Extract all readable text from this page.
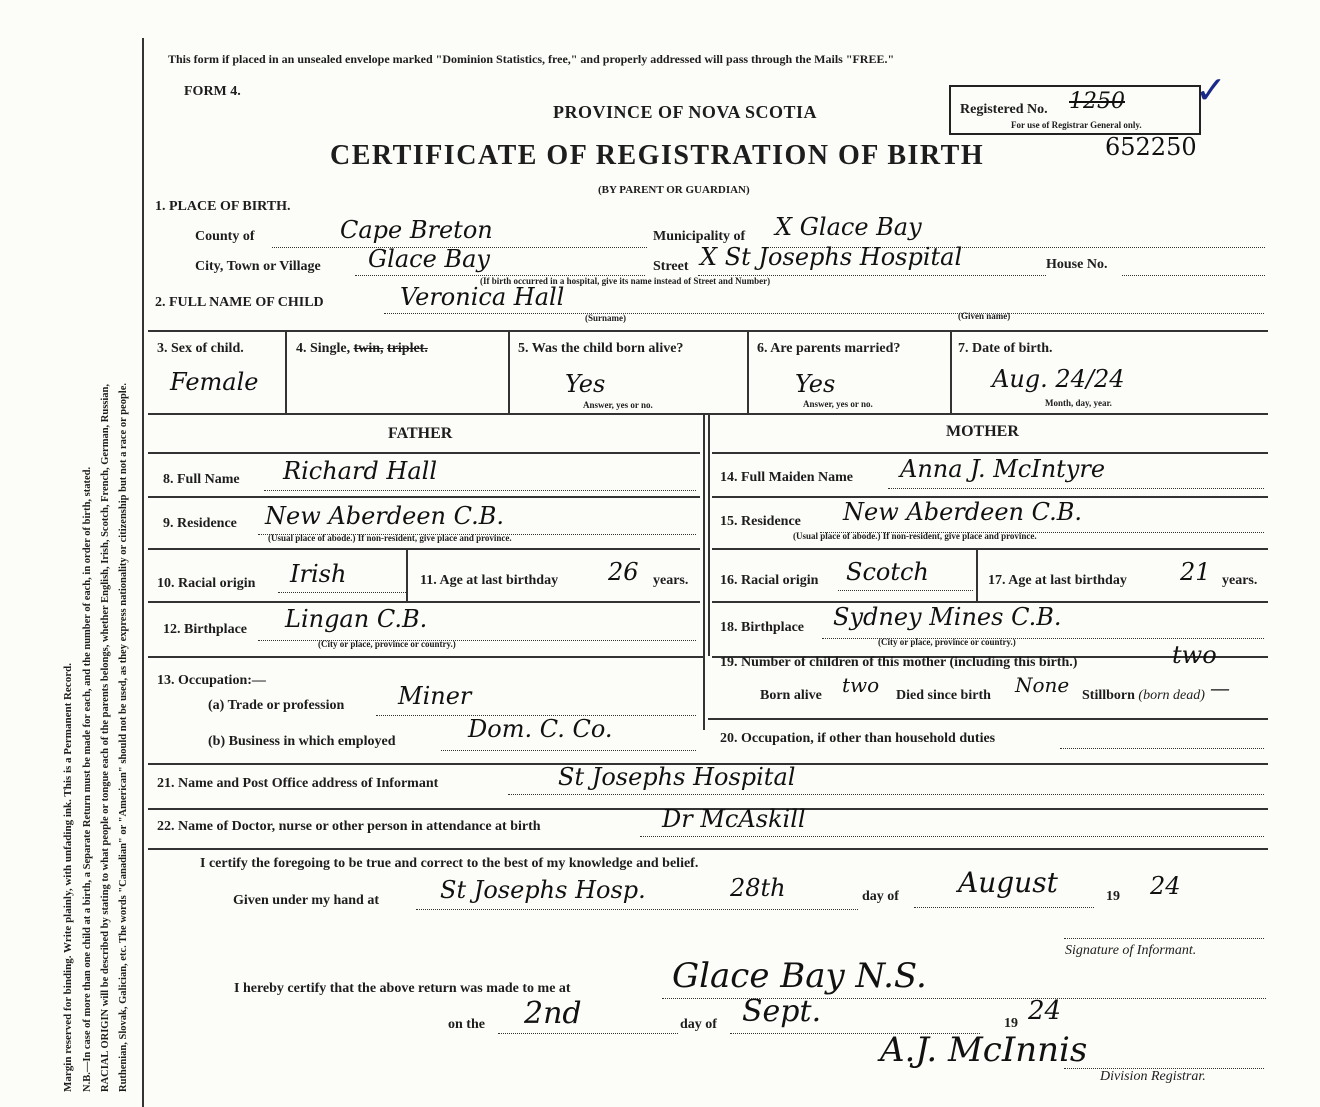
Margin reserved for binding. Write plainly, with unfading ink. This is a Permanent Record. N.B.—In case of more than one child at a birth, a Separate Return must be made for each, and the number of each, in order of birth, stated. RACIAL ORIGIN will be described by stating to what people or tongue each of the parents belongs, whether English, Irish, Scotch, French, German, Russian, Ruthenian, Slovak, Galician, etc. The words "Canadian" or "American" should not be used, as they express nationality or citizenship but not a race or people.
This form if placed in an unsealed envelope marked "Dominion Statistics, free," and properly addressed will pass through the Mails "FREE."
FORM 4.
PROVINCE OF NOVA SCOTIA
CERTIFICATE OF REGISTRATION OF BIRTH
(BY PARENT OR GUARDIAN)
Registered No. 1250
For use of Registrar General only.
✓
652250
1. PLACE OF BIRTH.
County of	Cape Breton	Municipality of X Glace Bay
City, Town or Village Glace Bay	Street X St Josephs Hospital	House No.
(If birth occurred in a hospital, give its name instead of Street and Number)
2. FULL NAME OF CHILD	Veronica Hall
(Surname)	(Given name)
3. Sex of child.
Female
4. Single, twin, triplet.	5. Was the child born alive?
Yes
Answer, yes or no.
6. Are parents married?
Yes
Answer, yes or no.
7. Date of birth.
Aug. 24/24
Month, day, year.
FATHER	MOTHER
8. Full Name Richard Hall
9. Residence New Aberdeen C.B.
(Usual place of abode.) If non-resident, give place and province.
10. Racial origin Irish	11. Age at last birthday 26 years.
12. Birthplace Lingan C.B.
(City or place, province or country.)
13. Occupation:—
(a) Trade or profession Miner
(b) Business in which employed	Dom. C. Co.
14. Full Maiden Name Anna J. McIntyre
15. Residence New Aberdeen C.B.
(Usual place of abode.) If non-resident, give place and province.
16. Racial origin Scotch	17. Age at last birthday 21 years.
18. Birthplace Sydney Mines C.B.
(City or place, province or country.)
19. Number of children of this mother (including this birth.)	two
Born alive two Died since birth None Stillborn (born dead) —
20. Occupation, if other than household duties
21. Name and Post Office address of Informant	St Josephs Hospital
22. Name of Doctor, nurse or other person in attendance at birth	Dr McAskill
I certify the foregoing to be true and correct to the best of my knowledge and belief.
Given under my hand at	St Josephs Hosp.	28th	day of August	19 24
Signature of Informant.
I hereby certify that the above return was made to me at	Glace Bay N.S.
on the 2nd	day of Sept.	19 24
A.J. McInnis
Division Registrar.
